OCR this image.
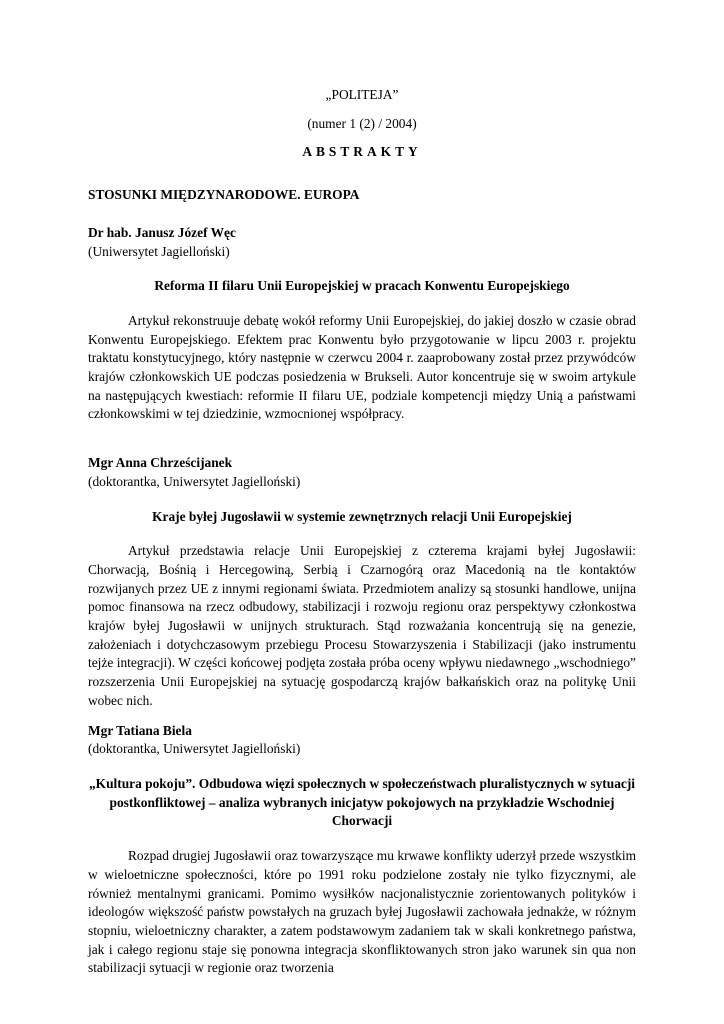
„POLITEJA”

(numer 1 (2) / 2004)

ABSTRAKTY

STOSUNKI MIĘDZYNARODOWE. EUROPA

Dr hab. Janusz Józef Węc

(Uniwersytet Jagielloński)

Reforma II filaru Unii Europejskiej w pracach Konwentu Europejskiego

Artykuł rekonstruuje debatę wokół reformy Unii Europejskiej, do jakiej doszło w czasie obrad Konwentu Europejskiego. Efektem prac Konwentu było przygotowanie w lipcu 2003 r. projektu traktatu konstytucyjnego, który następnie w czerwcu 2004 r. zaaprobowany został przez przywódców krajów członkowskich UE podczas posiedzenia w Brukseli. Autor koncentruje się w swoim artykule na następujących kwestiach: reformie II filaru UE, podziale kompetencji między Unią a państwami członkowskimi w tej dziedzinie, wzmocnionej współpracy.

Mgr Anna Chrześcijanek

(doktorantka, Uniwersytet Jagielloński)

Kraje byłej Jugosławii w systemie zewnętrznych relacji Unii Europejskiej

Artykuł przedstawia relacje Unii Europejskiej z czterema krajami byłej Jugosławii: Chorwacją, Bośnią i Hercegowiną, Serbią i Czarnogórą oraz Macedonią na tle kontaktów rozwijanych przez UE z innymi regionami świata. Przedmiotem analizy są stosunki handlowe, unijna pomoc finansowa na rzecz odbudowy, stabilizacji i rozwoju regionu oraz perspektywy członkostwa krajów byłej Jugosławii w unijnych strukturach. Stąd rozważania koncentrują się na genezie, założeniach i dotychczasowym przebiegu Procesu Stowarzyszenia i Stabilizacji (jako instrumentu tejże integracji). W części końcowej podjęta została próba oceny wpływu niedawnego „wschodniego” rozszerzenia Unii Europejskiej na sytuację gospodarczą krajów bałkańskich oraz na politykę Unii wobec nich.

Mgr Tatiana Biela

(doktorantka, Uniwersytet Jagielloński)

„Kultura pokoju”. Odbudowa więzi społecznych w społeczeństwach pluralistycznych w sytuacji postkonfliktowej – analiza wybranych inicjatyw pokojowych na przykładzie Wschodniej Chorwacji

Rozpad drugiej Jugosławii oraz towarzyszące mu krwawe konflikty uderzył przede wszystkim w wieloetniczne społeczności, które po 1991 roku podzielone zostały nie tylko fizycznymi, ale również mentalnymi granicami. Pomimo wysiłków nacjonalistycznie zorientowanych polityków i ideologów większość państw powstałych na gruzach byłej Jugosławii zachowała jednakże, w różnym stopniu, wieloetniczny charakter, a zatem podstawowym zadaniem tak w skali konkretnego państwa, jak i całego regionu staje się ponowna integracja skonfliktowanych stron jako warunek sin qua non stabilizacji sytuacji w regionie oraz tworzenia
